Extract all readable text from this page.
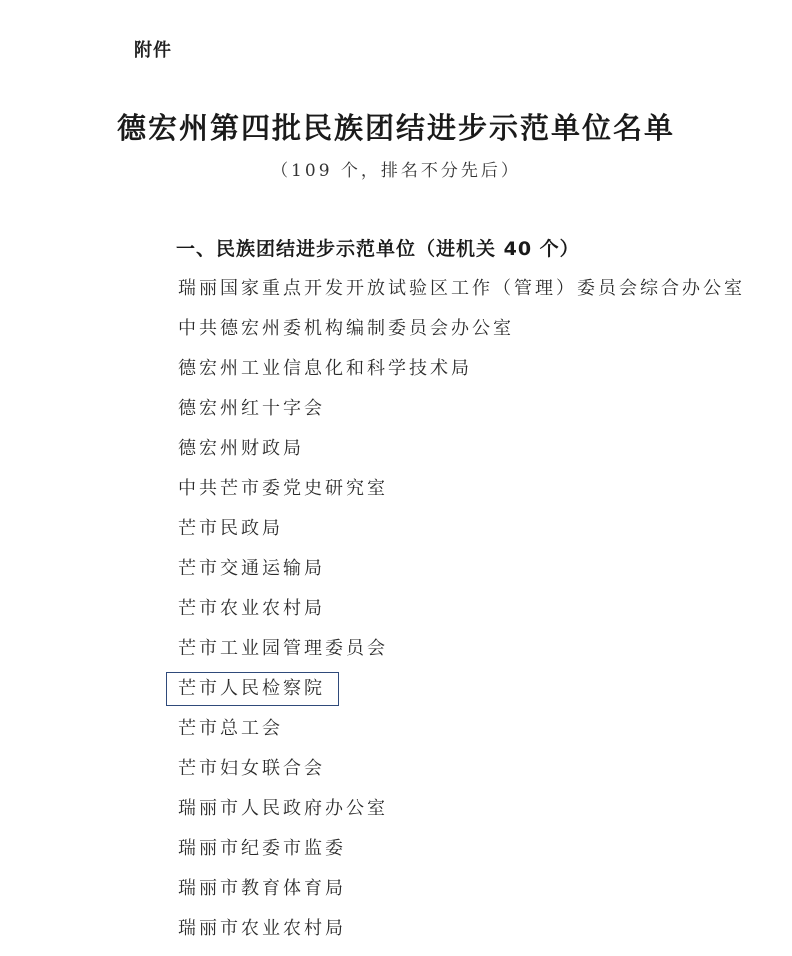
附件
德宏州第四批民族团结进步示范单位名单
（109 个，排名不分先后）
一、民族团结进步示范单位（进机关 40 个）
瑞丽国家重点开发开放试验区工作（管理）委员会综合办公室
中共德宏州委机构编制委员会办公室
德宏州工业信息化和科学技术局
德宏州红十字会
德宏州财政局
中共芒市委党史研究室
芒市民政局
芒市交通运输局
芒市农业农村局
芒市工业园管理委员会
芒市人民检察院
芒市总工会
芒市妇女联合会
瑞丽市人民政府办公室
瑞丽市纪委市监委
瑞丽市教育体育局
瑞丽市农业农村局
